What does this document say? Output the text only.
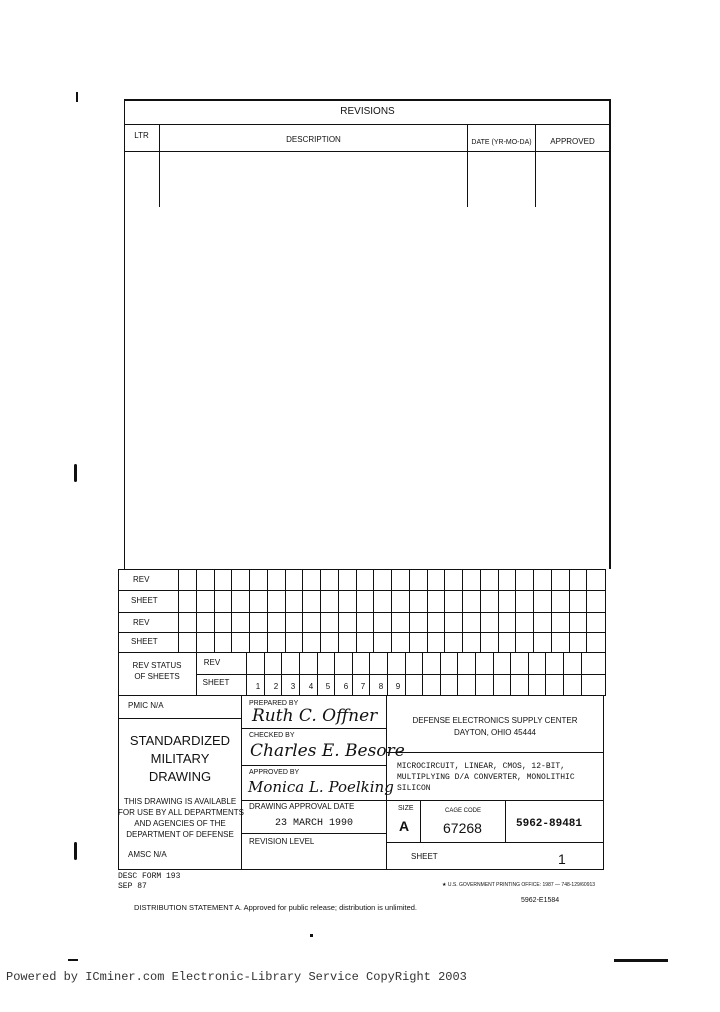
REVISIONS
LTR	DESCRIPTION	DATE (YR-MO-DA)	APPROVED
REV
SHEET
REV
SHEET
REV STATUS
OF SHEETS
REV
SHEET	1	2	3	4	5	6	7	8	9
PMIC N/A
STANDARDIZED
MILITARY
DRAWING
THIS DRAWING IS AVAILABLE
FOR USE BY ALL DEPARTMENTS
AND AGENCIES OF THE
DEPARTMENT OF DEFENSE
AMSC N/A
PREPARED BY
Ruth C. Offner
CHECKED BY
Charles E. Besore
APPROVED BY
Monica L. Poelking
DRAWING APPROVAL DATE
23 MARCH 1990
REVISION LEVEL
DEFENSE ELECTRONICS SUPPLY CENTER
DAYTON, OHIO 45444
MICROCIRCUIT, LINEAR, CMOS, 12-BIT,
MULTIPLYING D/A CONVERTER, MONOLITHIC
SILICON
SIZE
A
CAGE CODE
67268	5962-89481
SHEET	1
DESC FORM 193
SEP 87	★ U.S. GOVERNMENT PRINTING OFFICE: 1987 — 748-129/60913
DISTRIBUTION STATEMENT A. Approved for public release; distribution is unlimited.
5962-E1584
Powered by ICminer.com Electronic-Library Service CopyRight 2003
